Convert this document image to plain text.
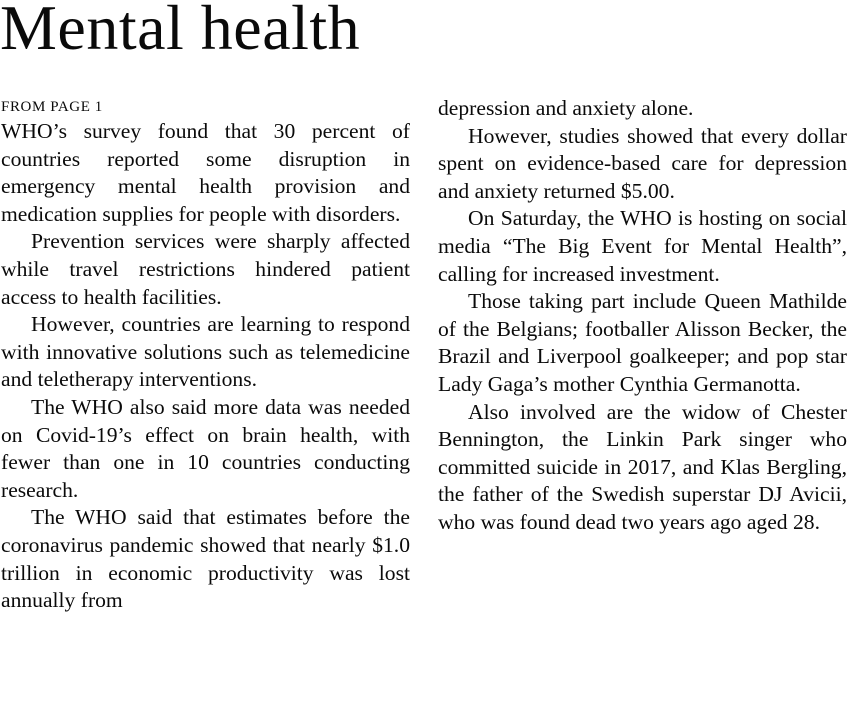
Mental health
FROM PAGE 1

WHO’s survey found that 30 percent of countries reported some disruption in emergency mental health provision and medication supplies for people with disorders.

Prevention services were sharply affected while travel restrictions hindered patient access to health facilities.

However, countries are learning to respond with innovative solutions such as telemedicine and teletherapy interventions.

The WHO also said more data was needed on Covid-19’s effect on brain health, with fewer than one in 10 countries conducting research.

The WHO said that estimates before the coronavirus pandemic showed that nearly $1.0 trillion in economic productivity was lost annually from

depression and anxiety alone.

However, studies showed that every dollar spent on evidence-based care for depression and anxiety returned $5.00.

On Saturday, the WHO is hosting on social media “The Big Event for Mental Health”, calling for increased investment.

Those taking part include Queen Mathilde of the Belgians; footballer Alisson Becker, the Brazil and Liverpool goalkeeper; and pop star Lady Gaga’s mother Cynthia Germanotta.

Also involved are the widow of Chester Bennington, the Linkin Park singer who committed suicide in 2017, and Klas Bergling, the father of the Swedish superstar DJ Avicii, who was found dead two years ago aged 28.
